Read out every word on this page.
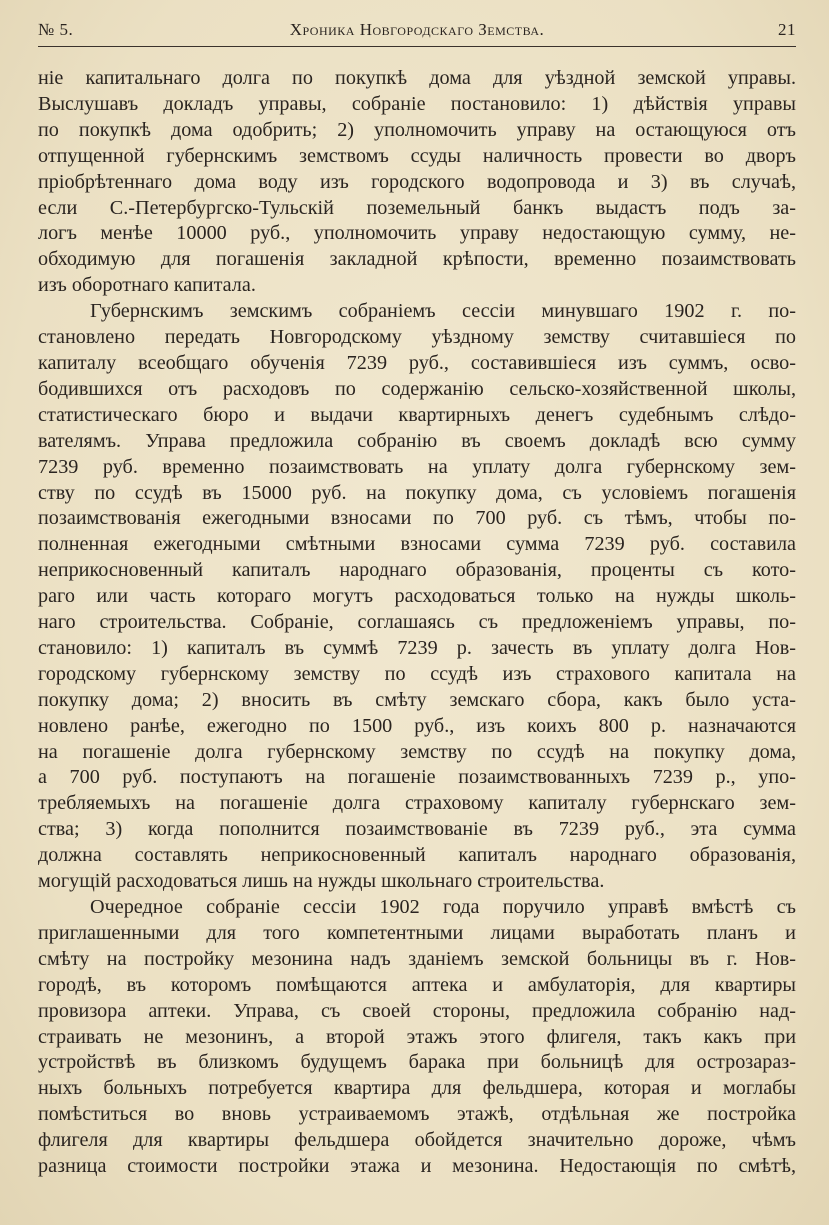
№ 5.	Хроника Новгородскаго Земства.	21
ніе капитальнаго долга по покупкѣ дома для уѣздной земской управы.
Выслушавъ докладъ управы, собраніе постановило: 1) дѣйствія управы
по покупкѣ дома одобрить; 2) уполномочить управу на остающуюся отъ
отпущенной губернскимъ земствомъ ссуды наличность провести во дворъ
пріобрѣтеннаго дома воду изъ городского водопровода и 3) въ случаѣ,
если С.-Петербургско-Тульскій поземельный банкъ выдастъ подъ за-
логъ менѣе 10000 руб., уполномочить управу недостающую сумму, не-
обходимую для погашенія закладной крѣпости, временно позаимствовать
изъ оборотнаго капитала.
Губернскимъ земскимъ собраніемъ сессіи минувшаго 1902 г. по-
становлено передать Новгородскому уѣздному земству считавшіеся по
капиталу всеобщаго обученія 7239 руб., составившіеся изъ суммъ, осво-
бодившихся отъ расходовъ по содержанію сельско-хозяйственной школы,
статистическаго бюро и выдачи квартирныхъ денегъ судебнымъ слѣдо-
вателямъ. Управа предложила собранію въ своемъ докладѣ всю сумму
7239 руб. временно позаимствовать на уплату долга губернскому зем-
ству по ссудѣ въ 15000 руб. на покупку дома, съ условіемъ погашенія
позаимствованія ежегодными взносами по 700 руб. съ тѣмъ, чтобы по-
полненная ежегодными смѣтными взносами сумма 7239 руб. составила
неприкосновенный капиталъ народнаго образованія, проценты съ кото-
раго или часть котораго могутъ расходоваться только на нужды школь-
наго строительства. Собраніе, соглашаясь съ предложеніемъ управы, по-
становило: 1) капиталъ въ суммѣ 7239 р. зачесть въ уплату долга Нов-
городскому губернскому земству по ссудѣ изъ страхового капитала на
покупку дома; 2) вносить въ смѣту земскаго сбора, какъ было уста-
новлено ранѣе, ежегодно по 1500 руб., изъ коихъ 800 р. назначаются
на погашеніе долга губернскому земству по ссудѣ на покупку дома,
а 700 руб. поступаютъ на погашеніе позаимствованныхъ 7239 р., упо-
требляемыхъ на погашеніе долга страховому капиталу губернскаго зем-
ства; 3) когда пополнится позаимствованіе въ 7239 руб., эта сумма
должна составлять неприкосновенный капиталъ народнаго образованія,
могущій расходоваться лишь на нужды школьнаго строительства.
Очередное собраніе сессіи 1902 года поручило управѣ вмѣстѣ съ
приглашенными для того компетентными лицами выработать планъ и
смѣту на постройку мезонина надъ зданіемъ земской больницы въ г. Нов-
городѣ, въ которомъ помѣщаются аптека и амбулаторія, для квартиры
провизора аптеки. Управа, съ своей стороны, предложила собранію над-
страивать не мезонинъ, а второй этажъ этого флигеля, такъ какъ при
устройствѣ въ близкомъ будущемъ барака при больницѣ для острозараз-
ныхъ больныхъ потребуется квартира для фельдшера, которая и моглабы
помѣститься во вновь устраиваемомъ этажѣ, отдѣльная же постройка
флигеля для квартиры фельдшера обойдется значительно дороже, чѣмъ
разница стоимости постройки этажа и мезонина. Недостающія по смѣтѣ,
